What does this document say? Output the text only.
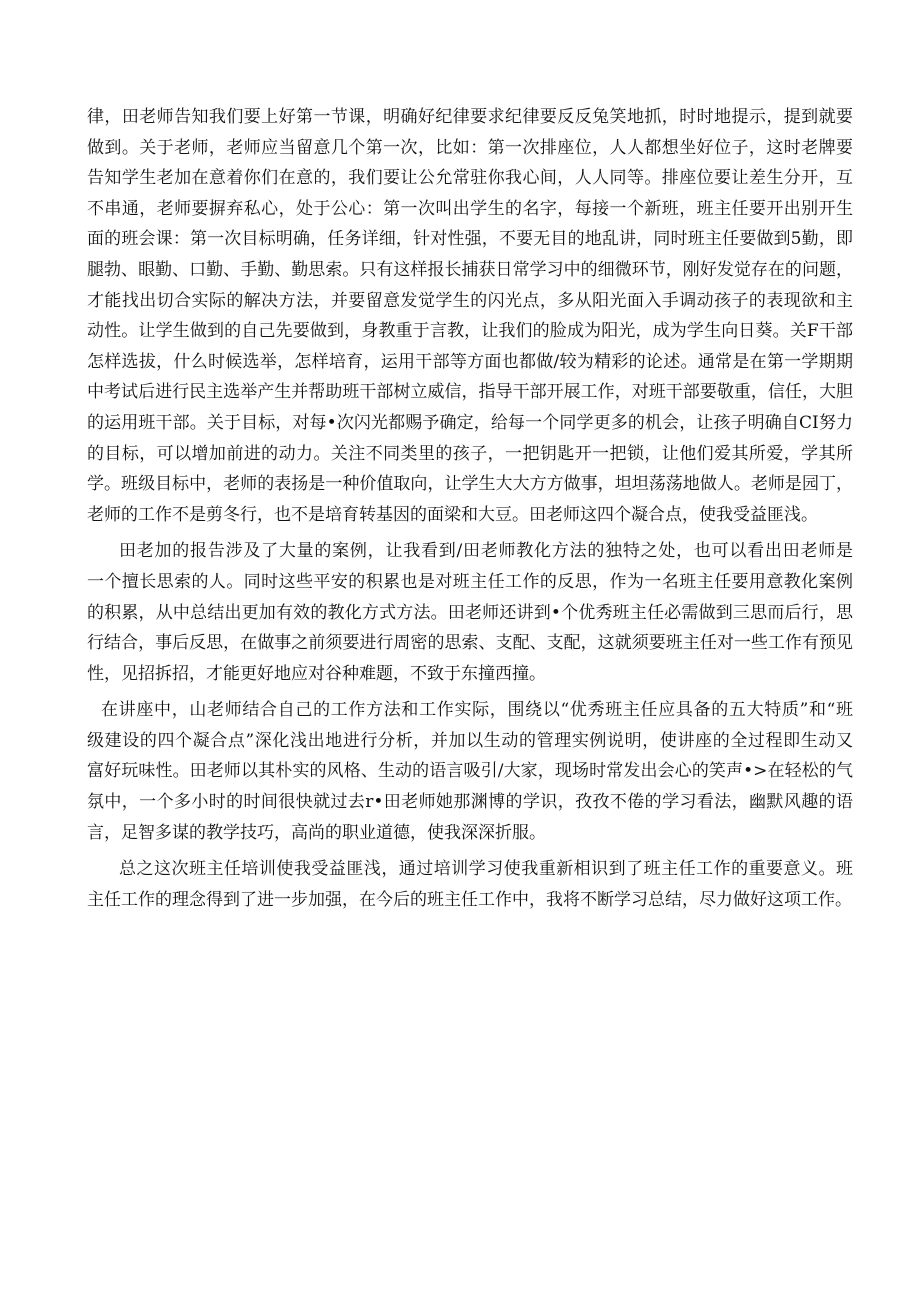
律，田老师告知我们要上好第一节课，明确好纪律要求纪律要反反兔笑地抓，时时地提示，提到就要
做到。关于老师，老师应当留意几个第一次，比如：第一次排座位，人人都想坐好位子，这时老牌要
告知学生老加在意着你们在意的，我们要让公允常驻你我心间，人人同等。排座位要让差生分开，互
不串通，老师要摒弃私心，处于公心：第一次叫出学生的名字，每接一个新班，班主任要开出别开生
面的班会课：第一次目标明确，任务详细，针对性强，不要无目的地乱讲，同时班主任要做到5勤，即
腿勃、眼勤、口勤、手勤、勤思索。只有这样报长捕获日常学习中的细微环节，刚好发觉存在的问题，
才能找出切合实际的解决方法，并要留意发觉学生的闪光点，多从阳光面入手调动孩子的表现欲和主
动性。让学生做到的自己先要做到，身教重于言教，让我们的脸成为阳光，成为学生向日葵。关F干部
怎样选拔，什么时候选举，怎样培育，运用干部等方面也都做/较为精彩的论述。通常是在第一学期期
中考试后进行民主选举产生并帮助班干部树立威信，指导干部开展工作，对班干部要敬重，信任，大胆
的运用班干部。关于目标，对每•次闪光都赐予确定，给每一个同学更多的机会，让孩子明确自CI努力
的目标，可以增加前进的动力。关注不同类里的孩子，一把钥匙开一把锁，让他们爱其所爱，学其所
学。班级目标中，老师的表扬是一种价值取向，让学生大大方方做事，坦坦荡荡地做人。老师是园丁，
老师的工作不是剪冬行，也不是培育转基因的面梁和大豆。田老师这四个凝合点，使我受益匪浅。
田老加的报告涉及了大量的案例，让我看到/田老师教化方法的独特之处，也可以看出田老师是
一个擅长思索的人。同时这些平安的积累也是对班主任工作的反思，作为一名班主任要用意教化案例
的积累，从中总结出更加有效的教化方式方法。田老师还讲到•个优秀班主任必需做到三思而后行，思
行结合，事后反思，在做事之前须要进行周密的思索、支配、支配，这就须要班主任对一些工作有预见
性，见招拆招，才能更好地应对谷种难题，不致于东撞西撞。
在讲座中，山老师结合自己的工作方法和工作实际，围绕以“优秀班主任应具备的五大特质”和“班
级建设的四个凝合点”深化浅出地进行分析，并加以生动的管理实例说明，使讲座的全过程即生动又
富好玩味性。田老师以其朴实的风格、生动的语言吸引/大家，现场时常发出会心的笑声•>在轻松的气
氛中，一个多小时的时间很快就过去r•田老师她那渊博的学识，孜孜不倦的学习看法，幽默风趣的语
言，足智多谋的教学技巧，高尚的职业道德，使我深深折服。
总之这次班主任培训使我受益匪浅，通过培训学习使我重新相识到了班主任工作的重要意义。班
主任工作的理念得到了进一步加强，在今后的班主任工作中，我将不断学习总结，尽力做好这项工作。
